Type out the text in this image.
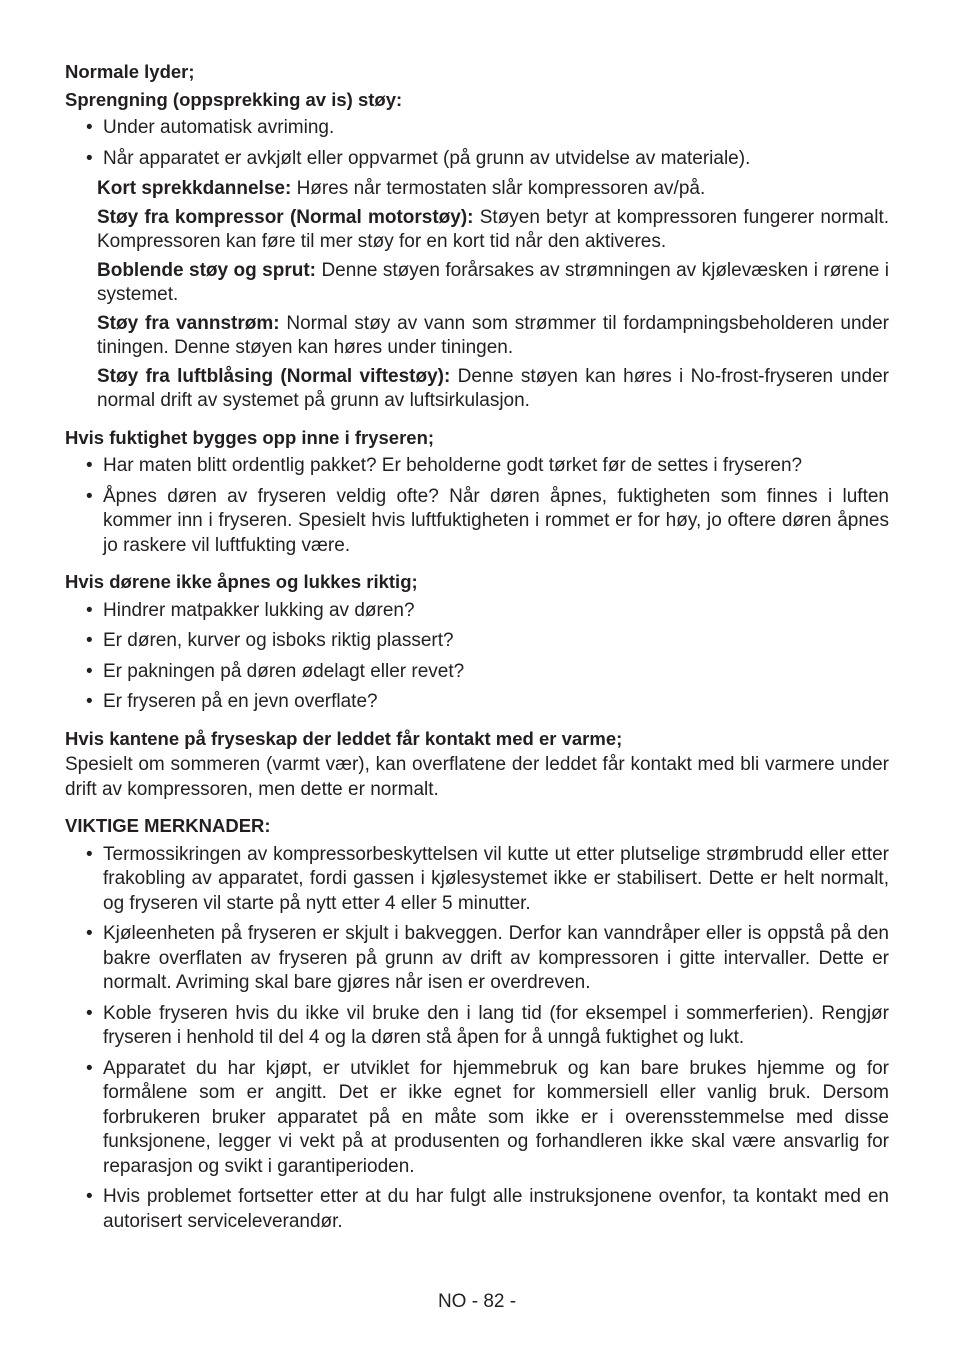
Normale lyder;

Sprengning (oppsprekking av is) støy:

• Under automatisk avriming.
• Når apparatet er avkjølt eller oppvarmet (på grunn av utvidelse av materiale).
Kort sprekkdannelse: Høres når termostaten slår kompressoren av/på.
Støy fra kompressor (Normal motorstøy): Støyen betyr at kompressoren fungerer normalt. Kompressoren kan føre til mer støy for en kort tid når den aktiveres.
Boblende støy og sprut: Denne støyen forårsakes av strømningen av kjølevæsken i rørene i systemet.
Støy fra vannstrøm: Normal støy av vann som strømmer til fordampningsbeholderen under tiningen. Denne støyen kan høres under tiningen.
Støy fra luftblåsing (Normal viftestøy): Denne støyen kan høres i No-frost-fryseren under normal drift av systemet på grunn av luftsirkulasjon.

Hvis fuktighet bygges opp inne i fryseren;

• Har maten blitt ordentlig pakket? Er beholderne godt tørket før de settes i fryseren?
• Åpnes døren av fryseren veldig ofte? Når døren åpnes, fuktigheten som finnes i luften kommer inn i fryseren. Spesielt hvis luftfuktigheten i rommet er for høy, jo oftere døren åpnes jo raskere vil luftfukting være.

Hvis dørene ikke åpnes og lukkes riktig;

• Hindrer matpakker lukking av døren?
• Er døren, kurver og isboks riktig plassert?
• Er pakningen på døren ødelagt eller revet?
• Er fryseren på en jevn overflate?

Hvis kantene på fryseskap der leddet får kontakt med er varme;

Spesielt om sommeren (varmt vær), kan overflatene der leddet får kontakt med bli varmere under drift av kompressoren, men dette er normalt.

VIKTIGE MERKNADER:

• Termossikringen av kompressorbeskyttelsen vil kutte ut etter plutselige strømbrudd eller etter frakobling av apparatet, fordi gassen i kjølesystemet ikke er stabilisert. Dette er helt normalt, og fryseren vil starte på nytt etter 4 eller 5 minutter.
• Kjøleenheten på fryseren er skjult i bakveggen. Derfor kan vanndråper eller is oppstå på den bakre overflaten av fryseren på grunn av drift av kompressoren i gitte intervaller. Dette er normalt. Avriming skal bare gjøres når isen er overdreven.
• Koble fryseren hvis du ikke vil bruke den i lang tid (for eksempel i sommerferien). Rengjør fryseren i henhold til del 4 og la døren stå åpen for å unngå fuktighet og lukt.
• Apparatet du har kjøpt, er utviklet for hjemmebruk og kan bare brukes hjemme og for formålene som er angitt. Det er ikke egnet for kommersiell eller vanlig bruk. Dersom forbrukeren bruker apparatet på en måte som ikke er i overensstemmelse med disse funksjonene, legger vi vekt på at produsenten og forhandleren ikke skal være ansvarlig for reparasjon og svikt i garantiperioden.
• Hvis problemet fortsetter etter at du har fulgt alle instruksjonene ovenfor, ta kontakt med en autorisert serviceleverandør.
NO - 82 -
